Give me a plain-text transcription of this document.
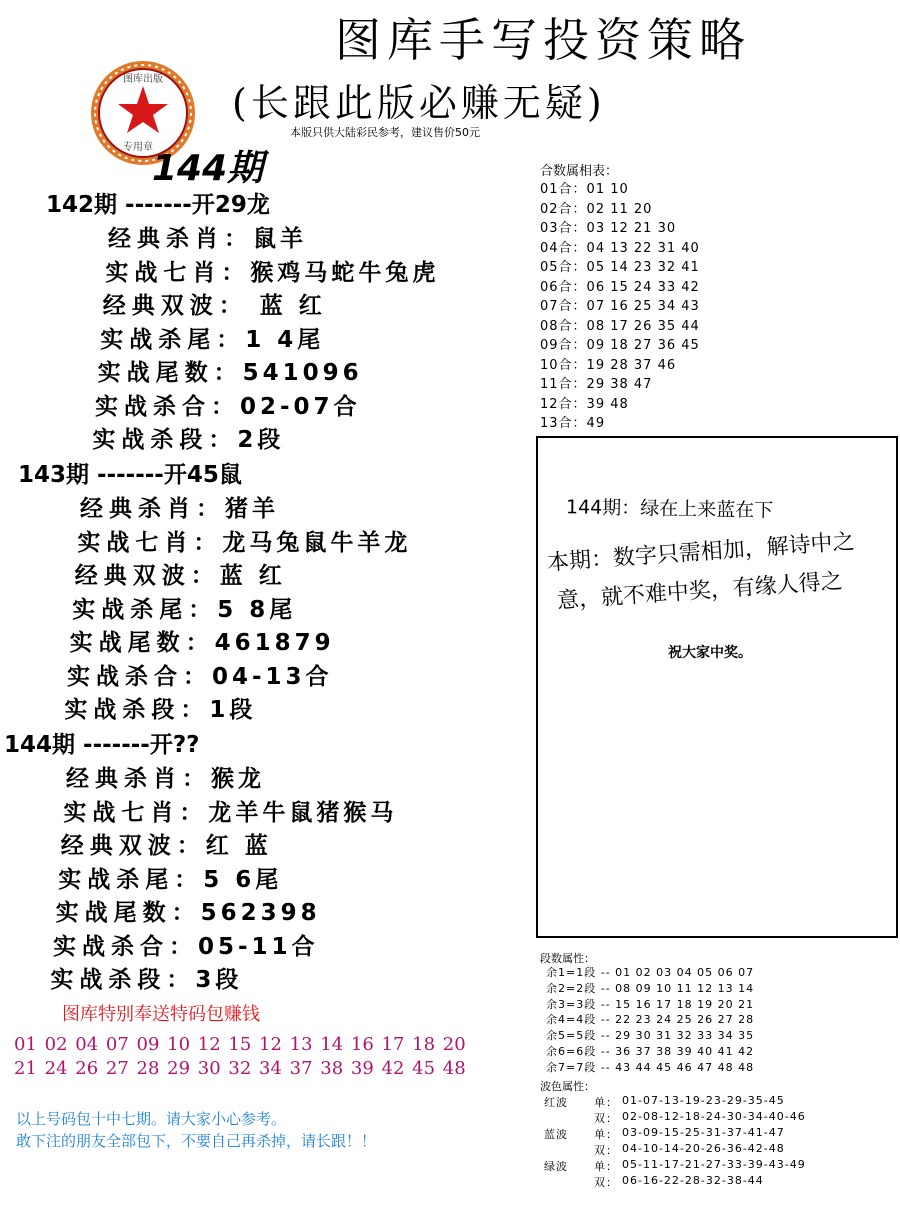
图库手写投资策略
(长跟此版必赚无疑)
本版只供大陆彩民参考，建议售价50元
图库出版
专用章
144期
142期 -------开29龙
经典杀肖：鼠羊
实战七肖：猴鸡马蛇牛兔虎
经典双波： 蓝 红
实战杀尾：1 4尾
实战尾数：541096
实战杀合：02-07合
实战杀段：2段
143期 -------开45鼠
经典杀肖：猪羊
实战七肖：龙马兔鼠牛羊龙
经典双波：蓝 红
实战杀尾：5 8尾
实战尾数：461879
实战杀合：04-13合
实战杀段：1段
144期 -------开??
经典杀肖：猴龙
实战七肖：龙羊牛鼠猪猴马
经典双波：红 蓝
实战杀尾：5 6尾
实战尾数：562398
实战杀合：05-11合
实战杀段：3段
合数属相表：
01合：01 10
02合：02 11 20
03合：03 12 21 30
04合：04 13 22 31 40
05合：05 14 23 32 41
06合：06 15 24 33 42
07合：07 16 25 34 43
08合：08 17 26 35 44
09合：09 18 27 36 45
10合：19 28 37 46
11合：29 38 47
12合：39 48
13合：49
144期：绿在上来蓝在下
本期：数字只需相加，解诗中之
意，就不难中奖，有缘人得之
祝大家中奖。
段数属性：
余1=1段 -- 01 02 03 04 05 06 07
余2=2段 -- 08 09 10 11 12 13 14
余3=3段 -- 15 16 17 18 19 20 21
余4=4段 -- 22 23 24 25 26 27 28
余5=5段 -- 29 30 31 32 33 34 35
余6=6段 -- 36 37 38 39 40 41 42
余7=7段 -- 43 44 45 46 47 48 48
波色属性：
红波 单： 01-07-13-19-23-29-35-45
双： 02-08-12-18-24-30-34-40-46
蓝波 单： 03-09-15-25-31-37-41-47
双： 04-10-14-20-26-36-42-48
绿波 单： 05-11-17-21-27-33-39-43-49
双： 06-16-22-28-32-38-44
图库特别奉送特码包赚钱
01 02 04 07 09 10 12 15 12 13 14 16 17 18 20
21 24 26 27 28 29 30 32 34 37 38 39 42 45 48
以上号码包十中七期。请大家小心参考。
敢下注的朋友全部包下，不要自己再杀掉，请长跟！！
